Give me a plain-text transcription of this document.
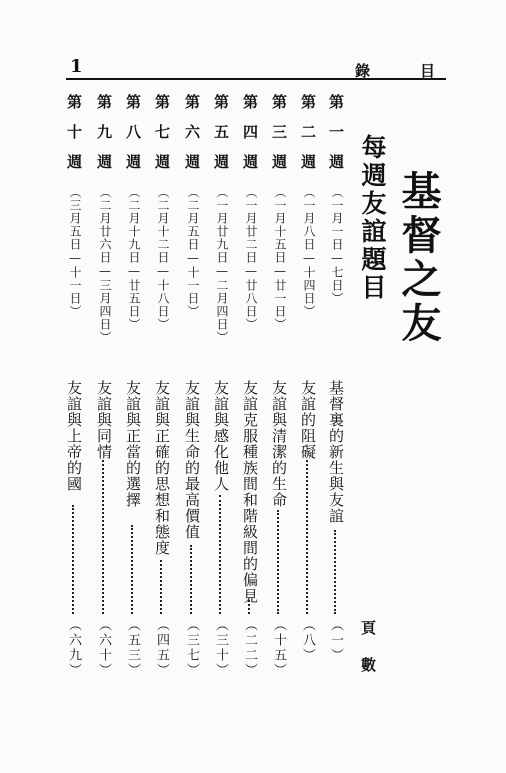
1	目
錄
基督之友
每週友誼題目
頁數
第一週
（一月一日—七日）
基督裏的新生與友誼
（一）
第二週
（一月八日—十四日）
友誼的阻礙
（八）
第三週
（一月十五日—廿一日）
友誼與清潔的生命
（十五）
第四週
（一月廿二日—廿八日）
友誼克服種族間和階級間的偏見
（二二）
第五週
（一月廿九日—二月四日）
友誼與感化他人
（三十）
第六週
（二月五日—十一日）
友誼與生命的最高價值
（三七）
第七週
（二月十二日—十八日）
友誼與正確的思想和態度
（四五）
第八週
（二月十九日—廿五日）
友誼與正當的選擇
（五三）
第九週
（二月廿六日—三月四日）
友誼與同情
（六十）
第十週
（三月五日—十一日）
友誼與上帝的國
（六九）
